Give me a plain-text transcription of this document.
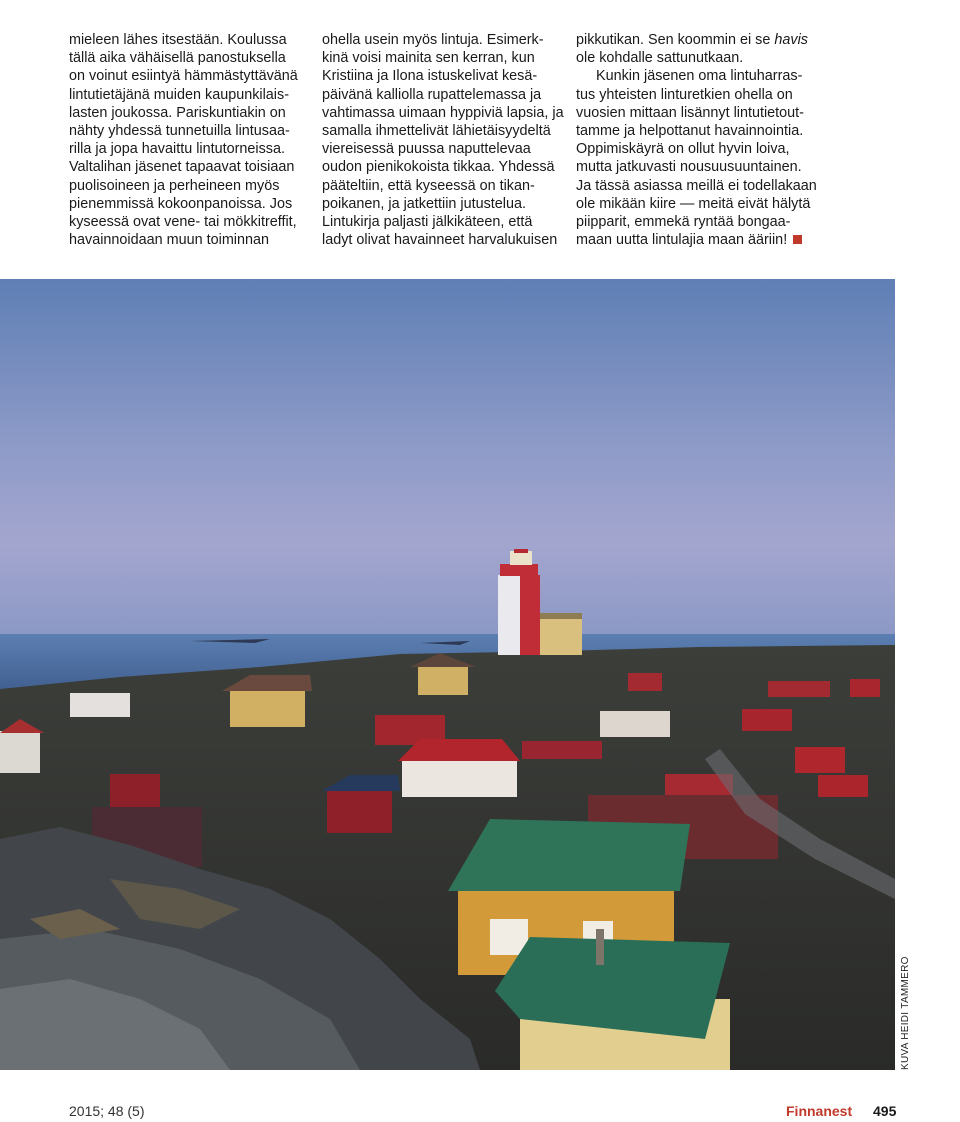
mieleen lähes itsestään. Koulussa

tällä aika vähäisellä panostuksella

on voinut esiintyä hämmästyttävänä

lintutietäjänä muiden kaupunkilais-

lasten joukossa. Pariskuntiakin on

nähty yhdessä tunnetuilla lintusaa-

rilla ja jopa havaittu lintutorneissa.

Valtalihan jäsenet tapaavat toisiaan

puolisoineen ja perheineen myös

pienemmissä kokoonpanoissa. Jos

kyseessä ovat vene- tai mökkitreffit,

havainnoidaan muun toiminnan

ohella usein myös lintuja. Esimerk-

kinä voisi mainita sen kerran, kun

Kristiina ja Ilona istuskelivat kesä-

päivänä kalliolla rupattelemassa ja

vahtimassa uimaan hyppiviä lapsia, ja

samalla ihmettelivät lähietäisyydeltä

viereisessä puussa naputtelevaa

oudon pienikokoista tikkaa. Yhdessä

pääteltiin, että kyseessä on tikan-

poikanen, ja jatkettiin jutustelua.

Lintukirja paljasti jälkikäteen, että

ladyt olivat havainneet harvalukuisen

pikkutikan. Sen koommin ei se havis

ole kohdalle sattunutkaan.

Kunkin jäsenen oma lintuharras-

tus yhteisten linturetkien ohella on

vuosien mittaan lisännyt lintutietout-

tamme ja helpottanut havainnointia.

Oppimiskäyrä on ollut hyvin loiva,

mutta jatkuvasti nousuusuuntainen.

Ja tässä asiassa meillä ei todellakaan

ole mikään kiire — meitä eivät hälytä

piipparit, emmekä ryntää bongaa-

maan uutta lintulajia maan ääriin!

KUVA HEIDI TAMMERO
2015; 48 (5)	Finnanest 495
